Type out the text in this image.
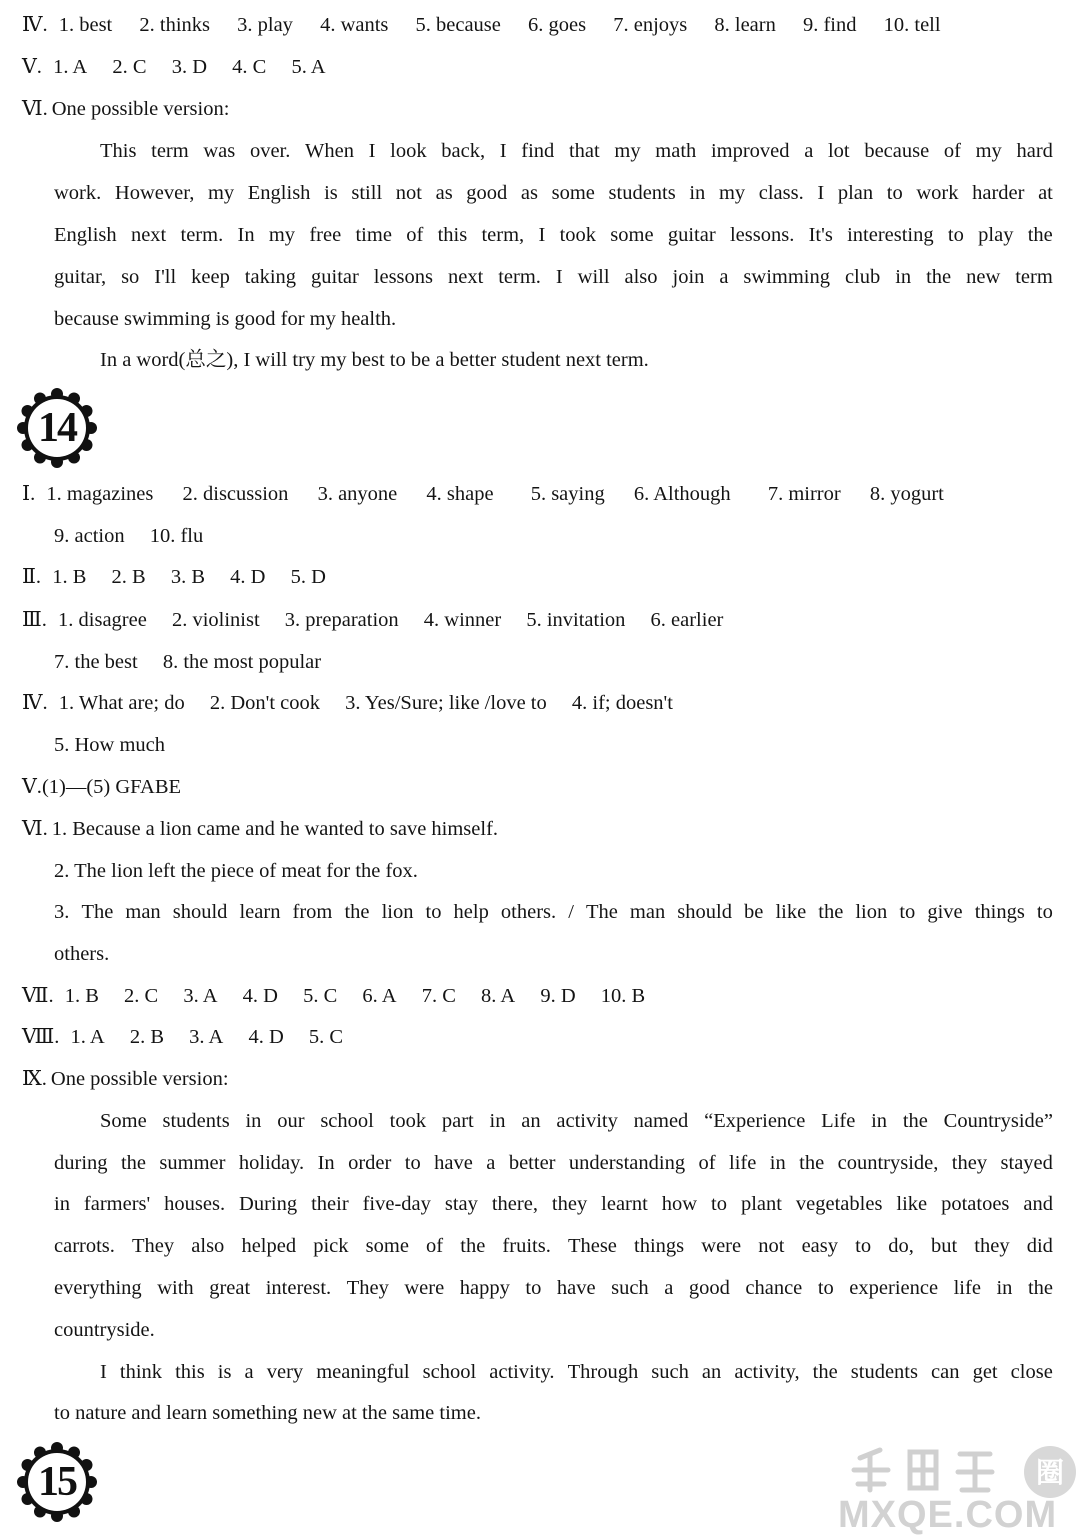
Ⅳ. 1. best 2. thinks 3. play 4. wants 5. because 6. goes 7. enjoys 8. learn 9. find 10. tell
Ⅴ. 1. A 2. C 3. D 4. C 5. A
Ⅵ. One possible version:
This term was over. When I look back, I find that my math improved a lot because of my hard
work. However, my English is still not as good as some students in my class. I plan to work harder at
English next term. In my free time of this term, I took some guitar lessons. It's interesting to play the
guitar, so I'll keep taking guitar lessons next term. I will also join a swimming club in the new term
because swimming is good for my health.
In a word(总之), I will try my best to be a better student next term.
14
Ⅰ. 1. magazines 2. discussion 3. anyone 4. shape 5. saying 6. Although 7. mirror 8. yogurt
9. action 10. flu
Ⅱ. 1. B 2. B 3. B 4. D 5. D
Ⅲ. 1. disagree 2. violinist 3. preparation 4. winner 5. invitation 6. earlier
7. the best 8. the most popular
Ⅳ. 1. What are; do 2. Don't cook 3. Yes/Sure; like /love to 4. if; doesn't
5. How much
Ⅴ.(1)—(5) GFABE
Ⅵ. 1. Because a lion came and he wanted to save himself.
2. The lion left the piece of meat for the fox.
3. The man should learn from the lion to help others. / The man should be like the lion to give things to
others.
Ⅶ. 1. B 2. C 3. A 4. D 5. C 6. A 7. C 8. A 9. D 10. B
Ⅷ. 1. A 2. B 3. A 4. D 5. C
Ⅸ. One possible version:
Some students in our school took part in an activity named “Experience Life in the Countryside”
during the summer holiday. In order to have a better understanding of life in the countryside, they stayed
in farmers' houses. During their five-day stay there, they learnt how to plant vegetables like potatoes and
carrots. They also helped pick some of the fruits. These things were not easy to do, but they did
everything with great interest. They were happy to have such a good chance to experience life in the
countryside.
I think this is a very meaningful school activity. Through such an activity, the students can get close
to nature and learn something new at the same time.
15	圈
MXQE.COM
